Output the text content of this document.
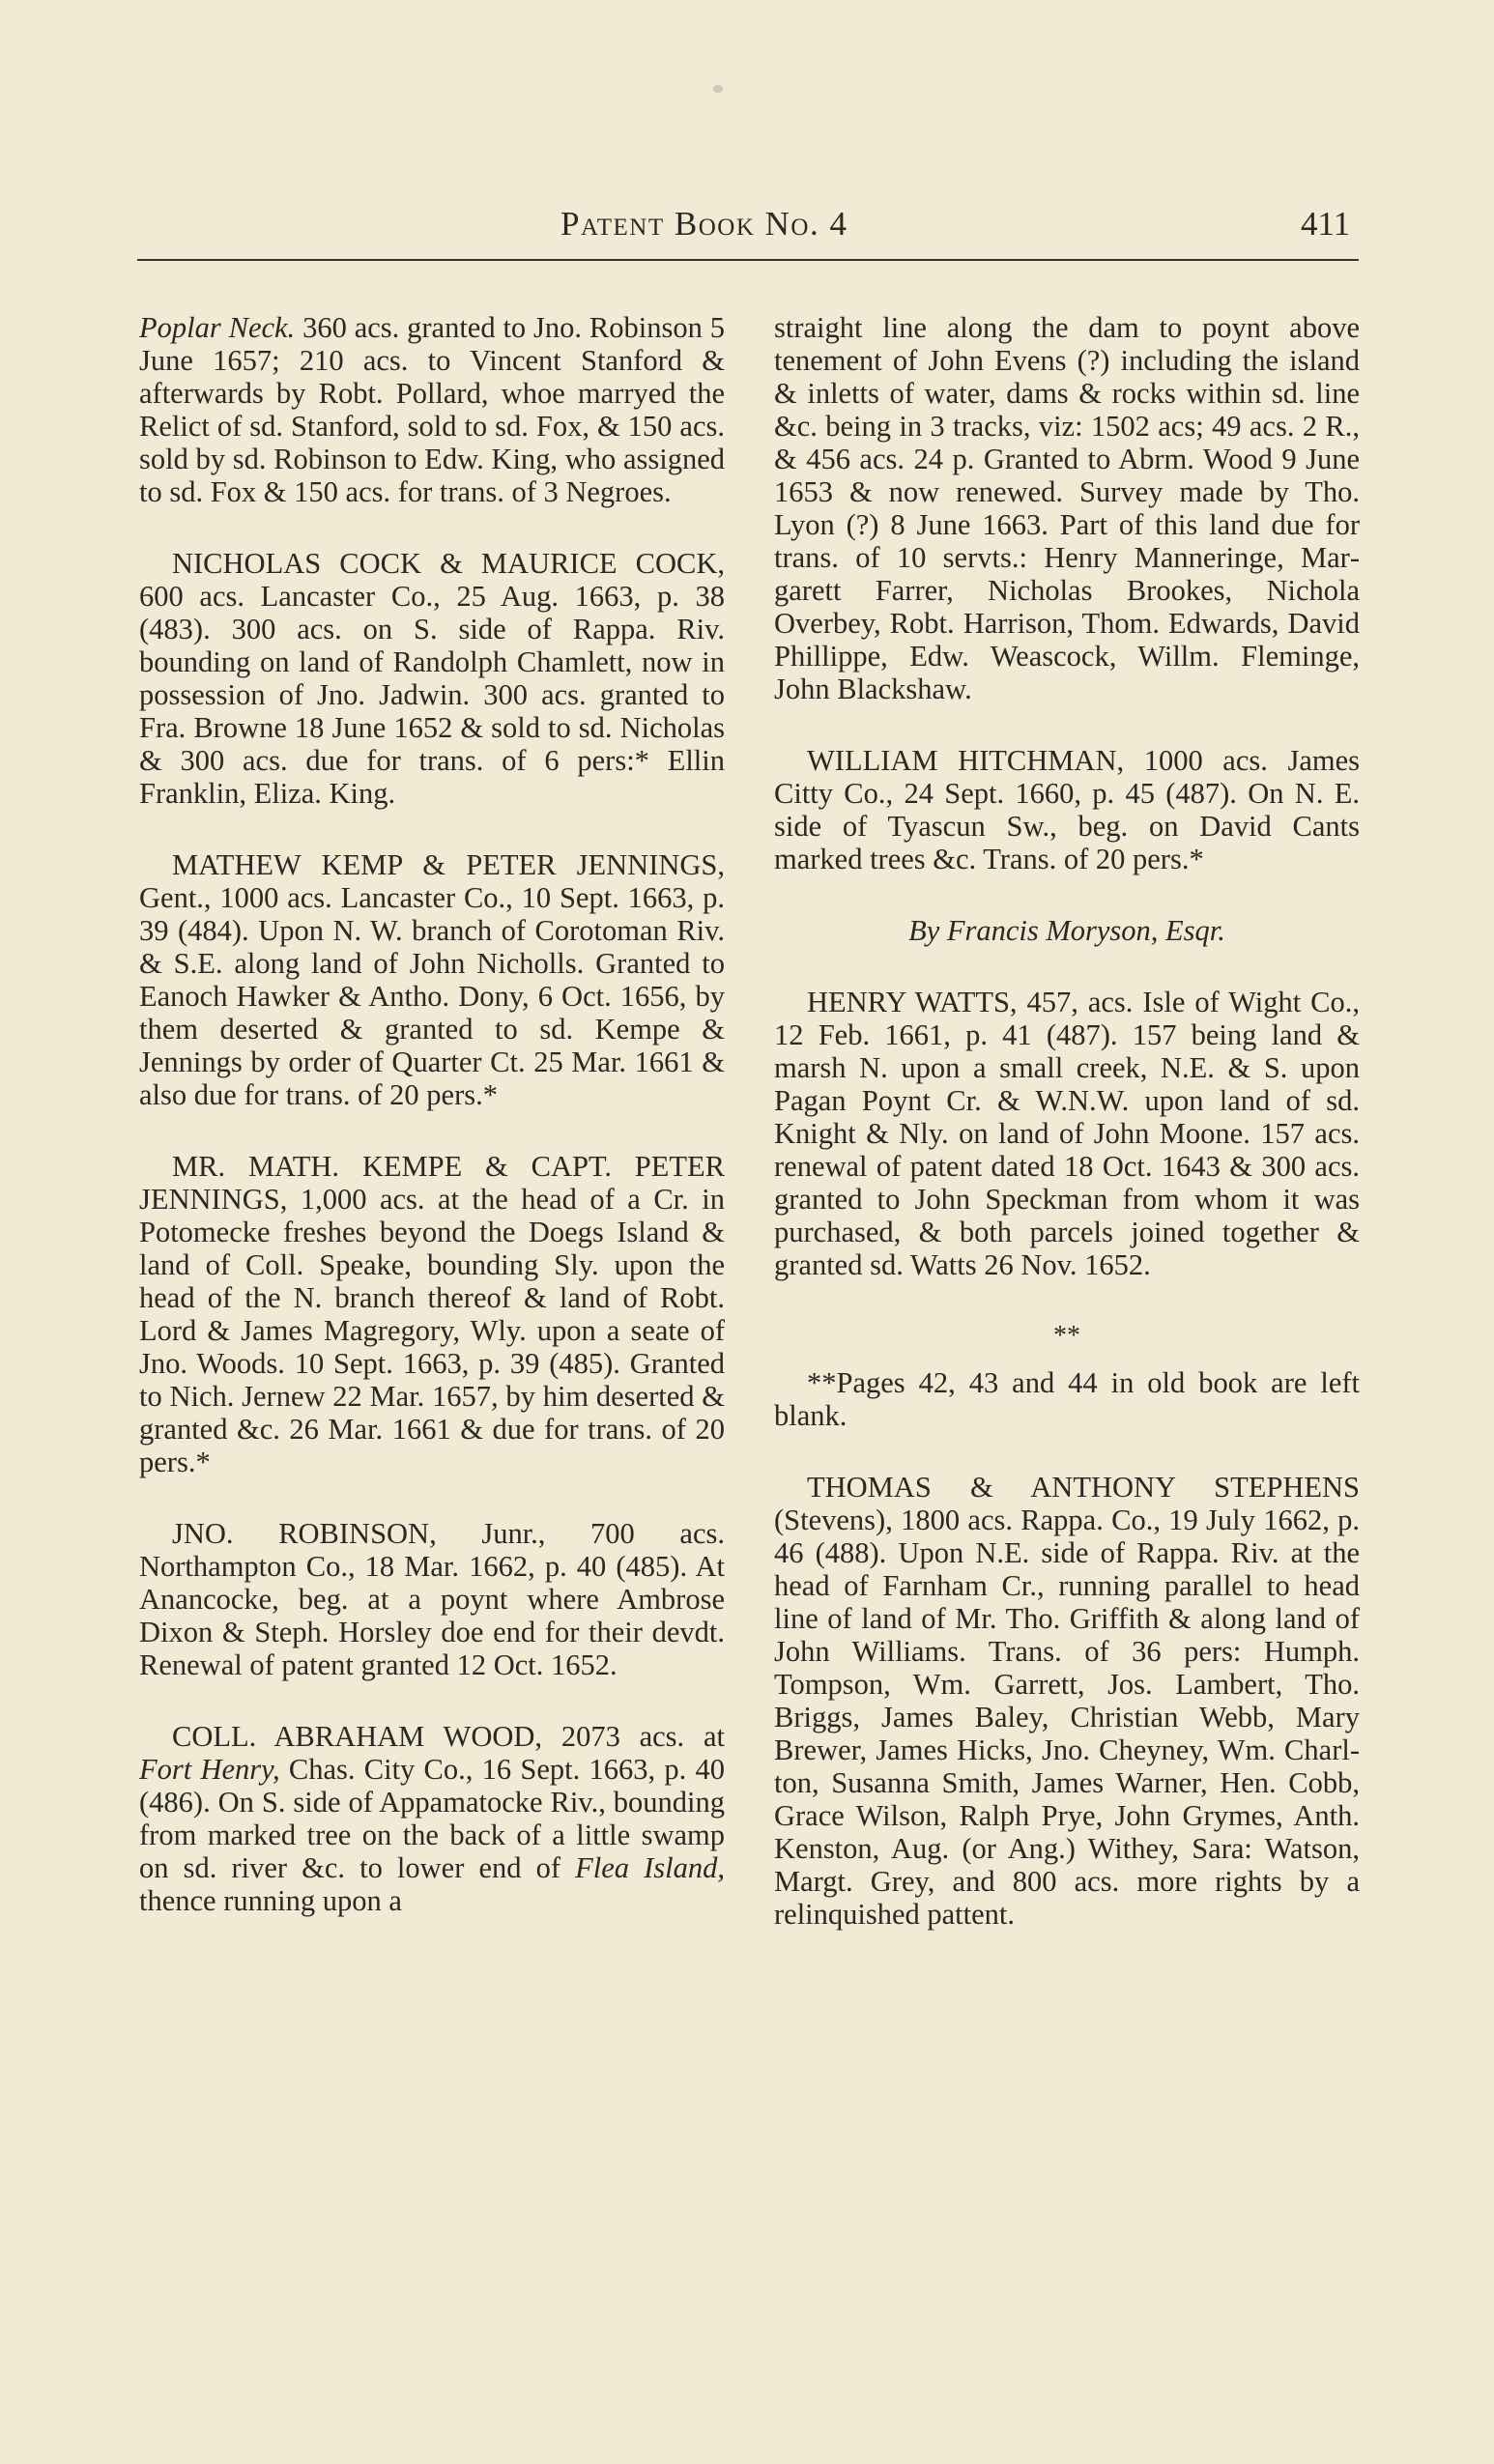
Patent Book No. 4	411

Poplar Neck. 360 acs. granted to Jno. Robinson 5 June 1657; 210 acs. to Vincent Stanford & afterwards by Robt. Pollard, whoe marryed the Relict of sd. Stanford, sold to sd. Fox, & 150 acs. sold by sd. Robinson to Edw. King, who assigned to sd. Fox & 150 acs. for trans. of 3 Negroes.

NICHOLAS COCK & MAURICE COCK, 600 acs. Lancaster Co., 25 Aug. 1663, p. 38 (483). 300 acs. on S. side of Rappa. Riv. bounding on land of Randolph Chamlett, now in possession of Jno. Jadwin. 300 acs. granted to Fra. Browne 18 June 1652 & sold to sd. Nicholas & 300 acs. due for trans. of 6 pers:* Ellin Franklin, Eliza. King.

MATHEW KEMP & PETER JENNINGS, Gent., 1000 acs. Lancaster Co., 10 Sept. 1663, p. 39 (484). Upon N. W. branch of Corotoman Riv. & S.E. along land of John Nicholls. Granted to Eanoch Hawker & Antho. Dony, 6 Oct. 1656, by them deserted & granted to sd. Kempe & Jennings by order of Quarter Ct. 25 Mar. 1661 & also due for trans. of 20 pers.*

MR. MATH. KEMPE & CAPT. PETER JENNINGS, 1,000 acs. at the head of a Cr. in Potomecke freshes beyond the Doegs Island & land of Coll. Speake, bounding Sly. upon the head of the N. branch thereof & land of Robt. Lord & James Magregory, Wly. upon a seate of Jno. Woods. 10 Sept. 1663, p. 39 (485). Granted to Nich. Jernew 22 Mar. 1657, by him deserted & granted &c. 26 Mar. 1661 & due for trans. of 20 pers.*

JNO. ROBINSON, Junr., 700 acs. Northampton Co., 18 Mar. 1662, p. 40 (485). At Anancocke, beg. at a poynt where Ambrose Dixon & Steph. Horsley doe end for their devdt. Renewal of patent granted 12 Oct. 1652.

COLL. ABRAHAM WOOD, 2073 acs. at Fort Henry, Chas. City Co., 16 Sept. 1663, p. 40 (486). On S. side of Appamatocke Riv., bounding from marked tree on the back of a little swamp on sd. river &c. to lower end of Flea Island, thence running upon a

straight line along the dam to poynt above tenement of John Evens (?) including the island & inletts of water, dams & rocks within sd. line &c. being in 3 tracks, viz: 1502 acs; 49 acs. 2 R., & 456 acs. 24 p. Granted to Abrm. Wood 9 June 1653 & now renewed. Survey made by Tho. Lyon (?) 8 June 1663. Part of this land due for trans. of 10 servts.: Henry Manneringe, Margarett Farrer, Nicholas Brookes, Nichola Overbey, Robt. Harrison, Thom. Edwards, David Phillippe, Edw. Weascock, Willm. Fleminge, John Blackshaw.

WILLIAM HITCHMAN, 1000 acs. James Citty Co., 24 Sept. 1660, p. 45 (487). On N. E. side of Tyascun Sw., beg. on David Cants marked trees &c. Trans. of 20 pers.*

By Francis Moryson, Esqr.

HENRY WATTS, 457, acs. Isle of Wight Co., 12 Feb. 1661, p. 41 (487). 157 being land & marsh N. upon a small creek, N.E. & S. upon Pagan Poynt Cr. & W.N.W. upon land of sd. Knight & Nly. on land of John Moone. 157 acs. renewal of patent dated 18 Oct. 1643 & 300 acs. granted to John Speckman from whom it was purchased, & both parcels joined together & granted sd. Watts 26 Nov. 1652.

**

**Pages 42, 43 and 44 in old book are left blank.

THOMAS & ANTHONY STEPHENS (Stevens), 1800 acs. Rappa. Co., 19 July 1662, p. 46 (488). Upon N.E. side of Rappa. Riv. at the head of Farnham Cr., running parallel to head line of land of Mr. Tho. Griffith & along land of John Williams. Trans. of 36 pers: Humph. Tompson, Wm. Garrett, Jos. Lambert, Tho. Briggs, James Baley, Christian Webb, Mary Brewer, James Hicks, Jno. Cheyney, Wm. Charlton, Susanna Smith, James Warner, Hen. Cobb, Grace Wilson, Ralph Prye, John Grymes, Anth. Kenston, Aug. (or Ang.) Withey, Sara: Watson, Margt. Grey, and 800 acs. more rights by a relinquished pattent.
